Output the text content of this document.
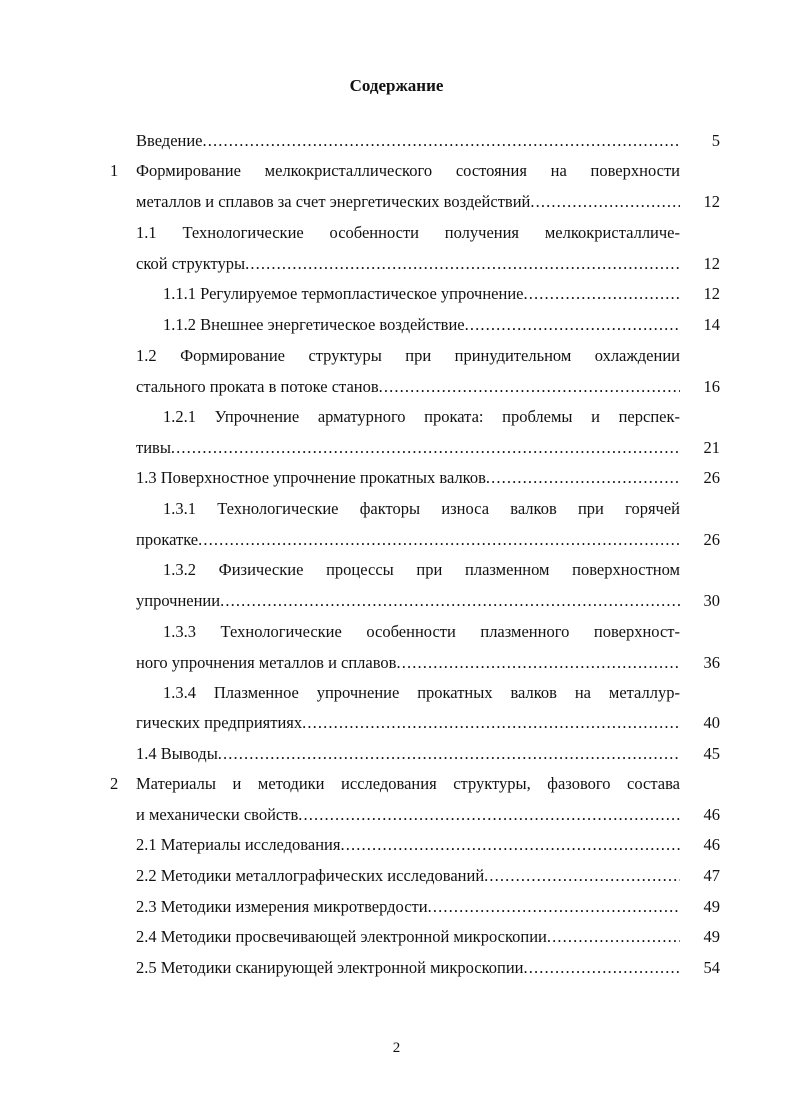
Содержание
Введение . . .	5
1 Формирование мелкокристаллического состояния на поверхности
металлов и сплавов за счет энергетических воздействий . . .	12
1.1 Технологические особенности получения мелкокристалличе-
ской структуры . . .	12
1.1.1 Регулируемое термопластическое упрочнение . . .	12
1.1.2 Внешнее энергетическое воздействие . . .	14
1.2 Формирование структуры при принудительном охлаждении
стального проката в потоке станов . . .	16
1.2.1 Упрочнение арматурного проката: проблемы и перспек-
тивы . . .	21
1.3 Поверхностное упрочнение прокатных валков . . .	26
1.3.1 Технологические факторы износа валков при горячей
прокатке . . .	26
1.3.2 Физические процессы при плазменном поверхностном
упрочнении . . .	30
1.3.3 Технологические особенности плазменного поверхност-
ного упрочнения металлов и сплавов . . .	36
1.3.4 Плазменное упрочнение прокатных валков на металлур-
гических предприятиях . . .	40
1.4 Выводы . . .	45
2 Материалы и методики исследования структуры, фазового состава
и механически свойств . . .	46
2.1 Материалы исследования . . .	46
2.2 Методики металлографических исследований . . .	47
2.3 Методики измерения микротвердости . . .	49
2.4 Методики просвечивающей электронной микроскопии . . .	49
2.5 Методики сканирующей электронной микроскопии . . .	54
2
